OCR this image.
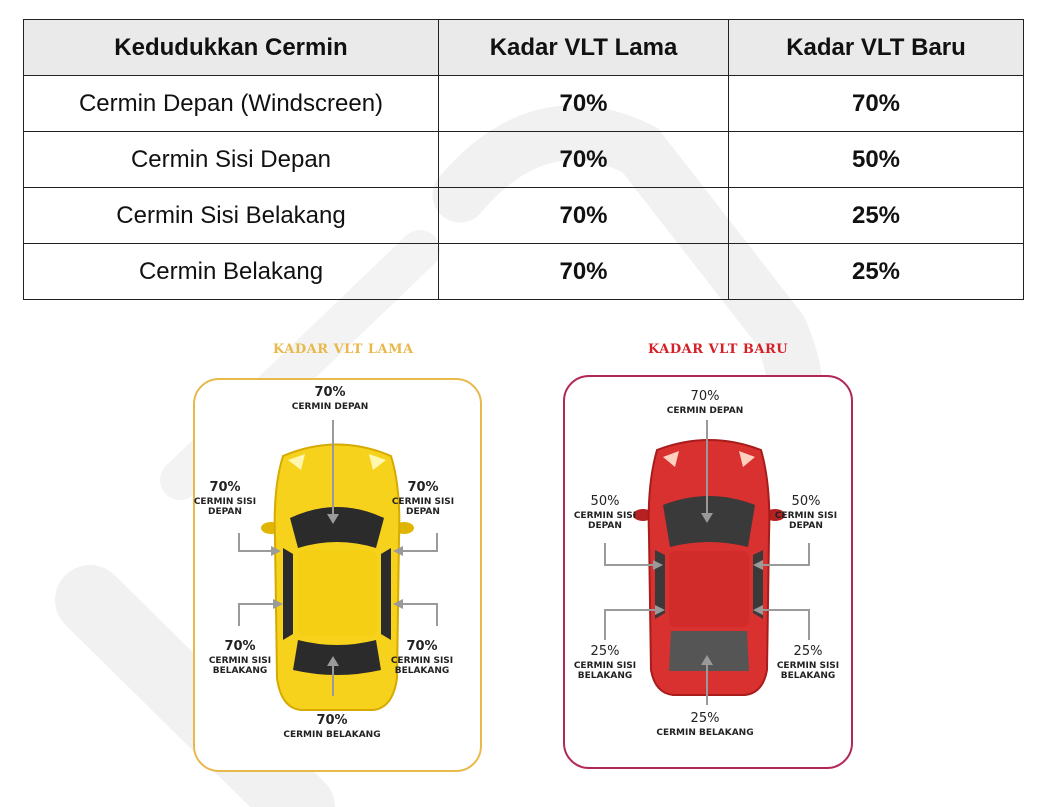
Kedudukkan Cermin	Kadar VLT Lama	Kadar VLT Baru
Cermin Depan (Windscreen)	70%	70%
Cermin Sisi Depan	70%	50%
Cermin Sisi Belakang	70%	25%
Cermin Belakang	70%	25%
KADAR VLT LAMA
70%
CERMIN DEPAN
70%
CERMIN SISI DEPAN
70%
CERMIN SISI DEPAN
70%
CERMIN SISI BELAKANG
70%
CERMIN SISI BELAKANG
70%
CERMIN BELAKANG
KADAR VLT BARU
70%
CERMIN DEPAN
50%
CERMIN SISI DEPAN
50%
CERMIN SISI DEPAN
25%
CERMIN SISI BELAKANG
25%
CERMIN SISI BELAKANG
25%
CERMIN BELAKANG
